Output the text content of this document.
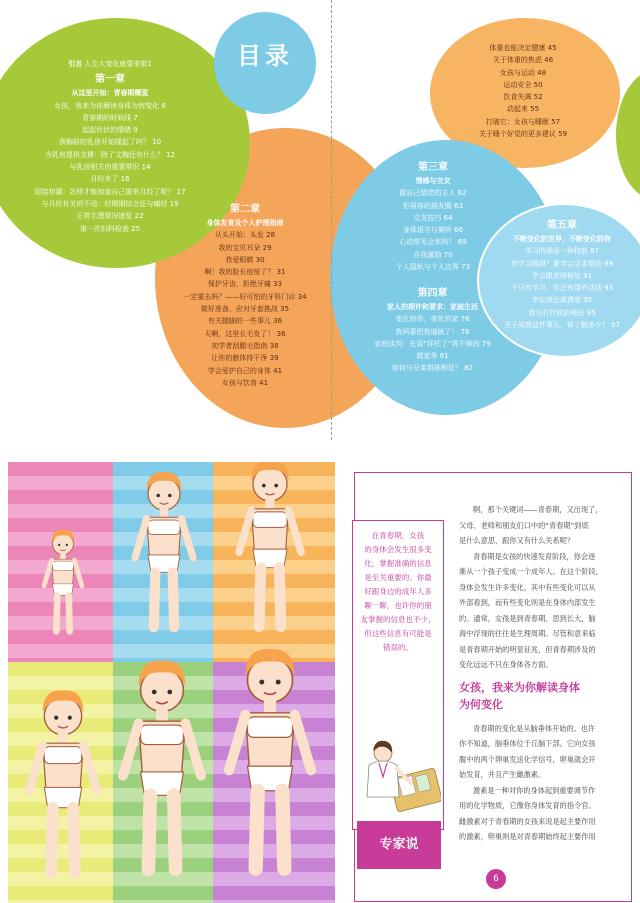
目录
引言 人生大变化就要来啦1
第一章
从这里开始：青春期概览
女孩，我来为你解读身体为何变化 6
青春期的时间线 7
起起伏伏的情绪 9
我胸前的乳房开始隆起了吗？ 10
为乳房提供支撑：除了文胸还有什么？ 12
与乳房相关的重要常识 14
月经来了 16
迎接初潮：怎样才能知道自己要来月经了呢？ 17
与月经有关的不适：经期期综合征与痛经 19
正常生理情况速览 22
第一次妇科检查 25
第二章
身体发育及个人护理指南
从头开始：头发 28
我的宝贝耳朵 29
我爱眼睛 30
啊！我的脸长痘痘了？ 31
保护牙齿，拒绝牙痛 33
一定要去吗？——好可怕的牙科门诊 34
做好准备，应对牙套挑战 35
有关腿脚的一些事儿 36
天啊，这里长毛发了！ 36
初学者刮腿毛指南 38
让你的腋体持干净 39
学会爱护自己的身体 41
女孩与饮食 41
体重也能决定健康 45
关于体重的焦虑 46
女孩与运动 48
运动安全 50
饮食失调 52
动起来 55
打破它：女孩与睡眠 57
关于睡个好觉的更多建议 59
第三章
情感与交友
做自己情绪的主人 62
拒展你的朋友圈 63
交友技巧 64
身体语言与倾听 66
心动常见会来吗？ 69
自我激励 70
个人隐私与个人边界 73
第四章
家人的期许和要求：家庭生活
变化的你，变化的家 76
我妈要把我逼疯了！ 76
家庭谈判：先说“拜托了”再不够的 79
做家务 81
如何与兄弟姐妹相处？ 82
第五章
不断变化的世界，不断变化的你
学习的确是一种技能 87
有学习障碍？要学会寻求帮助 89
学会跟老师相处 91
不只有学习，你还有课外活动 93
幸运地远离诱惑 95
我为打针吹的秘诀 95
关于成熟这件事儿，你了解多少？ 97
在青春期，女孩
的身体会发生很多变
化，掌握准确的信息
是至关重要的。你最
好跟身边的成年人多
聊一聊，也许你的朋
友掌握的信息也不少，
但这些信息有可能是
错误的。
专家说
啊，那个关键词——青春期，又出现了，
父母、老师和朋友们口中的“青春期”到底
是什么意思，跟你又有什么关系呢？
青春期是女孩的快速发育阶段，你会逐
渐从一个孩子变成一个成年人。在这个阶段，
身体会发生许多变化，其中有些变化可以从
外部看到，而有些变化则是在身体内部发生
的。通常，女孩是到青春期、思到长大，脑
海中浮现的往往是生理周期。尽管和意来临
是青春期开始的明显征兆，但青春期涉及的
变化远远不只在身体各方面。
女孩，我来为你解读身体
为何变化
青春期的变化是从脑垂体开始的。也许
你不知道，脑垂体位于丘脑下部。它向女孩
腹中的两个卵巢发送化学信号，卵巢就会开
始发育，并且产生雌激素。
激素是一种对你的身体起到重要调节作
用的化学物质，它像你身体发育的指令官。
雌激素对于青春期的女孩来说是起主要作用
的激素，卵巢则是对青春期始终起主要作用
6
